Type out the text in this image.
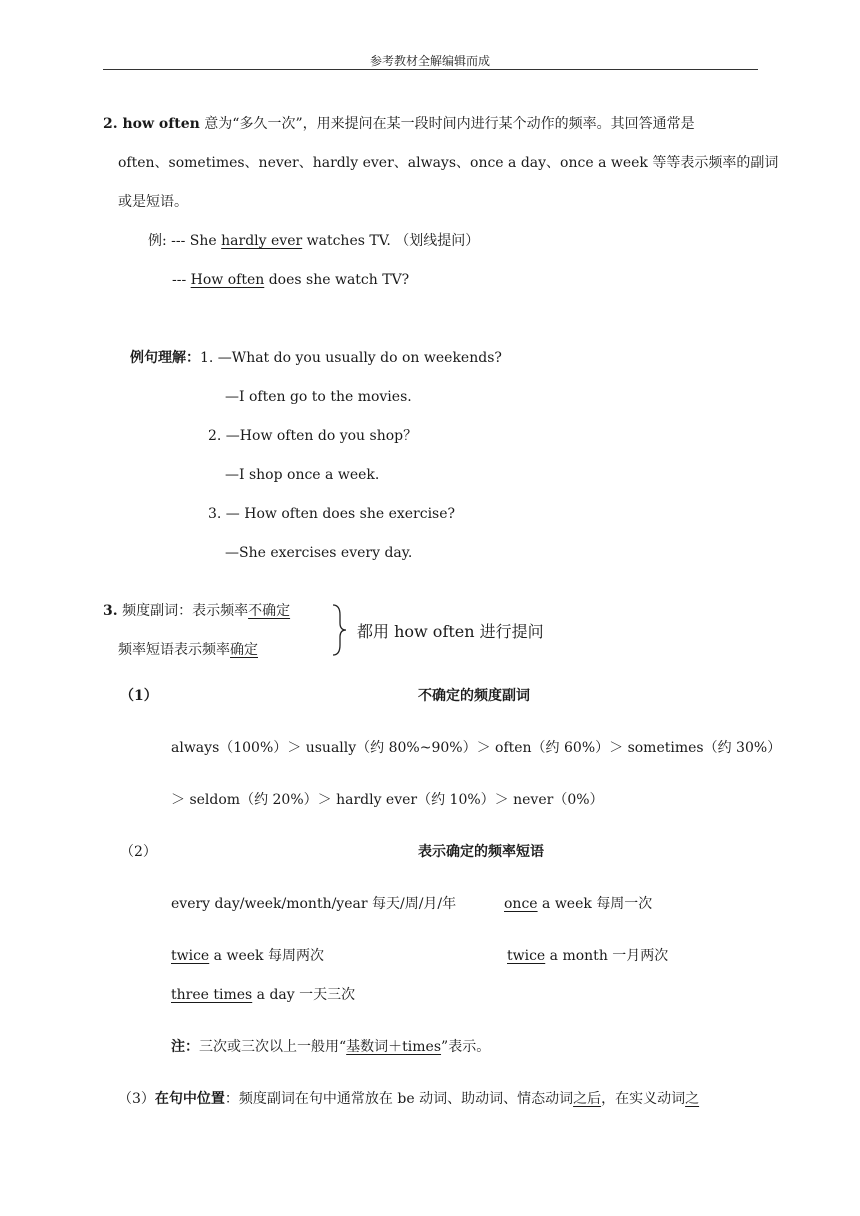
参考教材全解编辑而成
2. how often 意为“多久一次”，用来提问在某一段时间内进行某个动作的频率。其回答通常是
often、sometimes、never、hardly ever、always、once a day、once a week 等等表示频率的副词
或是短语。
例: --- She hardly ever watches TV. （划线提问）
--- How often does she watch TV?
例句理解：1. —What do you usually do on weekends?
—I often go to the movies.
2. —How often do you shop？
—I shop once a week.
3. — How often does she exercise?
—She exercises every day.
3. 频度副词：表示频率不确定
频率短语表示频率确定
都用 how often 进行提问
（1）	不确定的频度副词
always（100%）＞ usually（约 80%~90%）＞ often（约 60%）＞ sometimes（约 30%）
＞ seldom（约 20%）＞ hardly ever（约 10%）＞ never（0%）
（2）	表示确定的频率短语
every day/week/month/year 每天/周/月/年	once a week 每周一次
twice a week 每周两次	twice a month 一月两次
three times a day 一天三次
注：三次或三次以上一般用“基数词＋times”表示。
（3）在句中位置：频度副词在句中通常放在 be 动词、助动词、情态动词之后，在实义动词之
